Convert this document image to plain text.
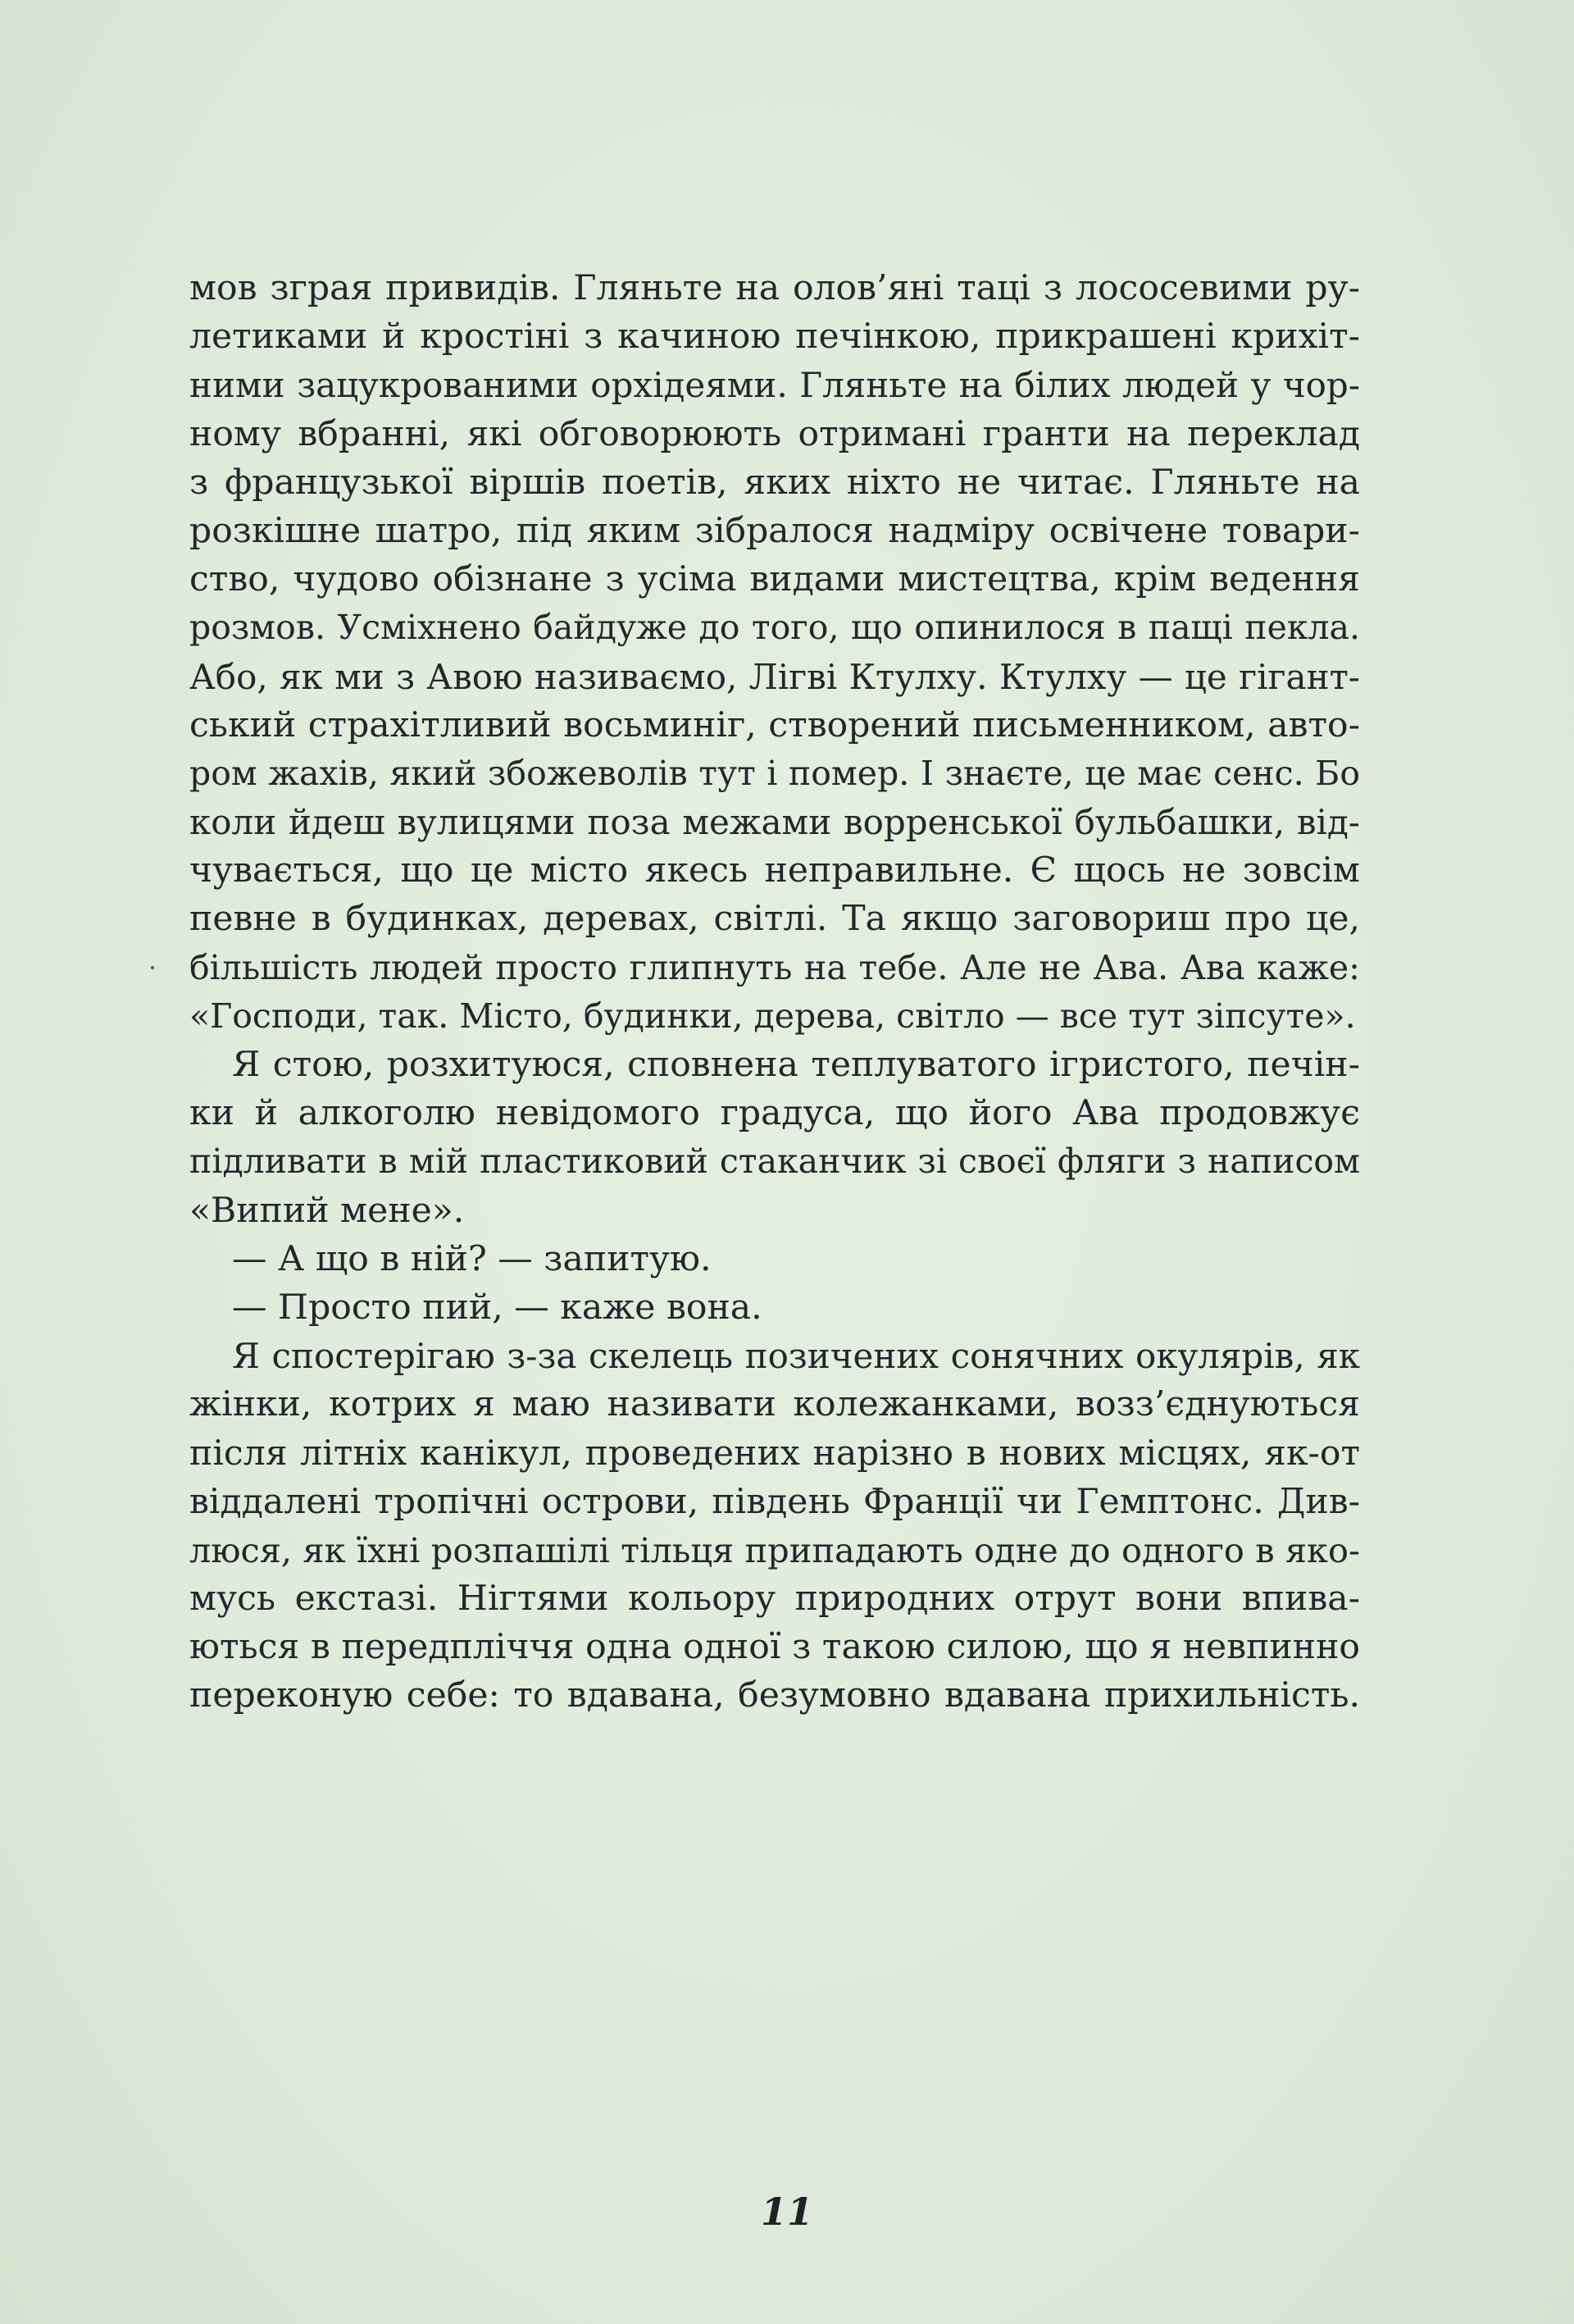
мов зграя привидів. Гляньте на олов’яні таці з лососевими ру-
летиками й кростіні з качиною печінкою, прикрашені крихіт-
ними зацукрованими орхідеями. Гляньте на білих людей у чор-
ному вбранні, які обговорюють отримані гранти на переклад
з французької віршів поетів, яких ніхто не читає. Гляньте на
розкішне шатро, під яким зібралося надміру освічене товари-
ство, чудово обізнане з усіма видами мистецтва, крім ведення
розмов. Усміхнено байдуже до того, що опинилося в пащі пекла.
Або, як ми з Авою називаємо, Лігві Ктулху. Ктулху — це гігант-
ський страхітливий восьминіг, створений письменником, авто-
ром жахів, який збожеволів тут і помер. І знаєте, це має сенс. Бо
коли йдеш вулицями поза межами ворренської бульбашки, від-
чувається, що це місто якесь неправильне. Є щось не зовсім
певне в будинках, деревах, світлі. Та якщо заговориш про це,
більшість людей просто глипнуть на тебе. Але не Ава. Ава каже:
«Господи, так. Місто, будинки, дерева, світло — все тут зіпсуте».
Я стою, розхитуюся, сповнена теплуватого ігристого, печін-
ки й алкоголю невідомого градуса, що його Ава продовжує
підливати в мій пластиковий стаканчик зі своєї фляги з написом
«Випий мене».
— А що в ній? — запитую.
— Просто пий, — каже вона.
Я спостерігаю з-за скелець позичених сонячних окулярів, як
жінки, котрих я маю називати колежанками, возз’єднуються
після літніх канікул, проведених нарізно в нових місцях, як-от
віддалені тропічні острови, південь Франції чи Гемптонс. Див-
люся, як їхні розпашілі тільця припадають одне до одного в яко-
мусь екстазі. Нігтями кольору природних отрут вони впива-
ються в передпліччя одна одної з такою силою, що я невпинно
переконую себе: то вдавана, безумовно вдавана прихильність.
11
